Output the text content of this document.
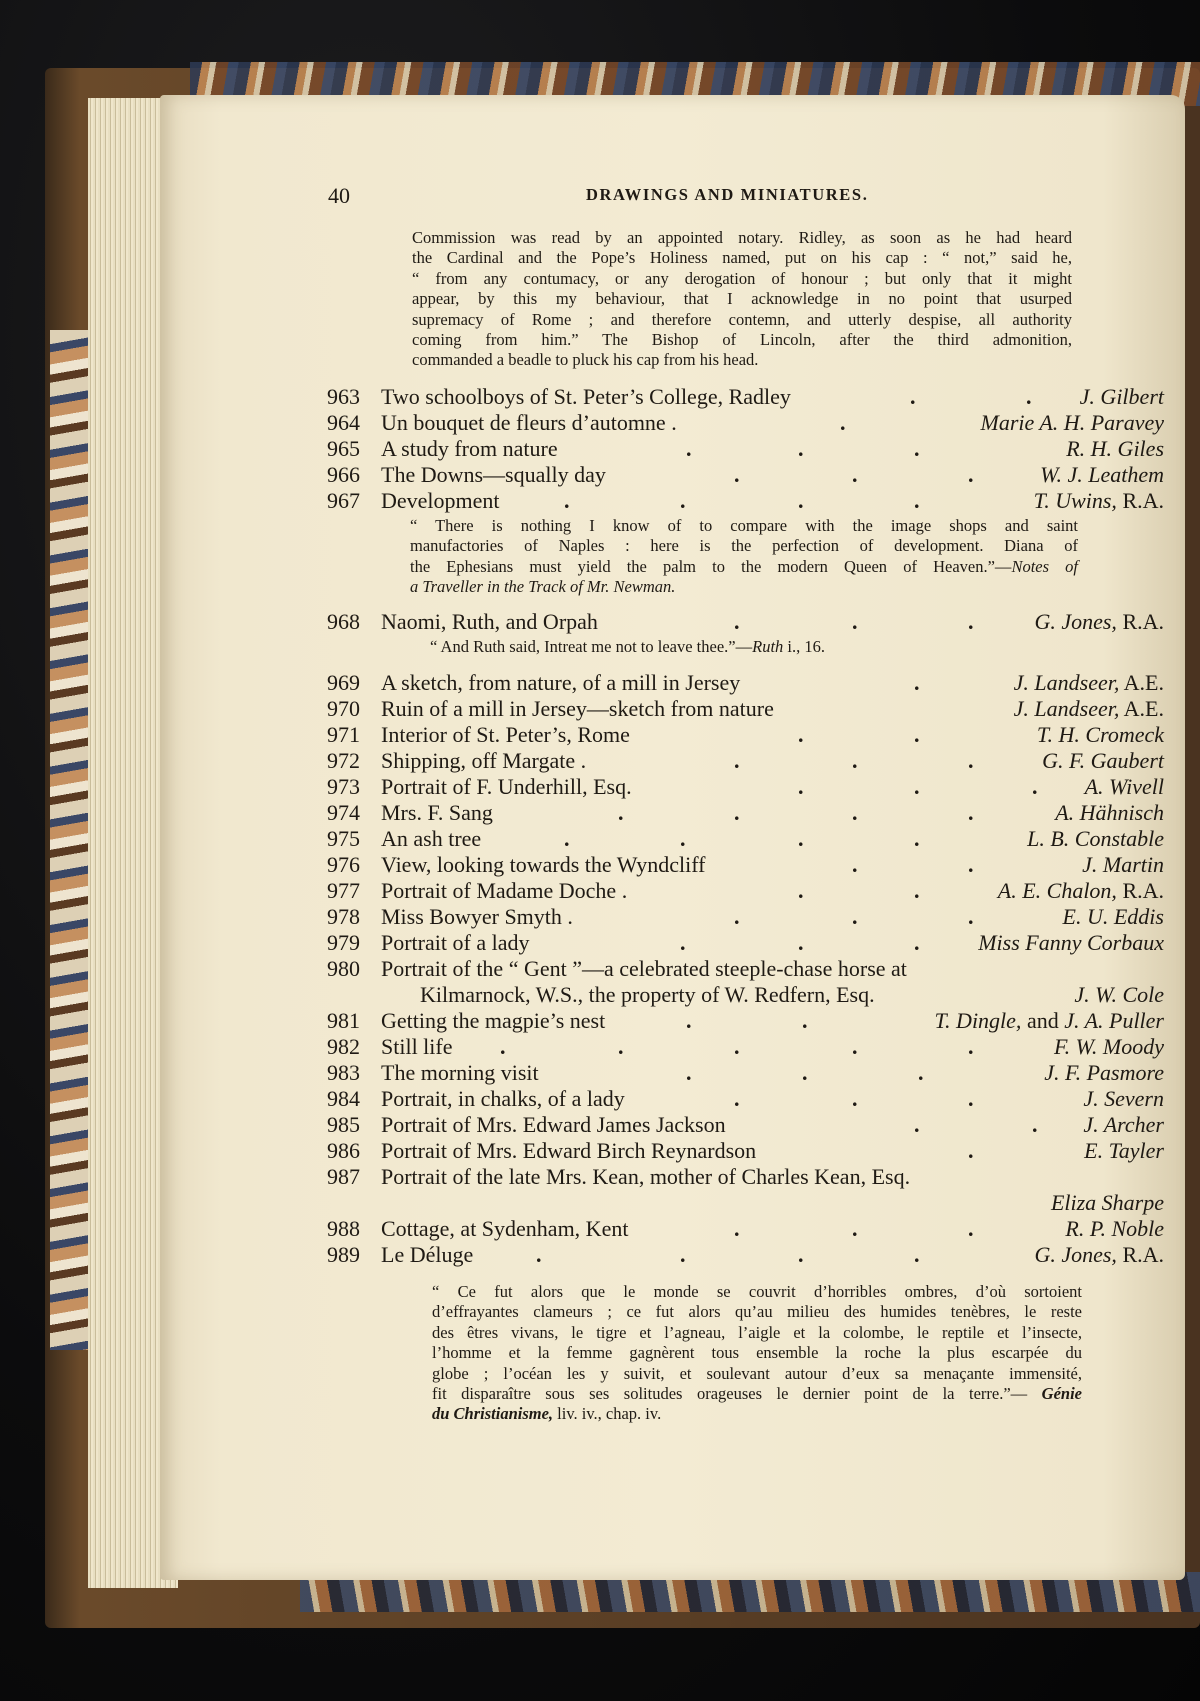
40	DRAWINGS AND MINIATURES.
Commission was read by an appointed notary. Ridley, as soon as he had heard
the Cardinal and the Pope’s Holiness named, put on his cap : “ not,” said he,
“ from any contumacy, or any derogation of honour ; but only that it might
appear, by this my behaviour, that I acknowledge in no point that usurped
supremacy of Rome ; and therefore contemn, and utterly despise, all authority
coming from him.” The Bishop of Lincoln, after the third admonition,
commanded a beadle to pluck his cap from his head.
963 Two schoolboys of St. Peter’s College, Radley	.	. J. Gilbert
964 Un bouquet de fleurs d’automne .	.	Marie A. H. Paravey
965 A study from nature	.	.	.	R. H. Giles
966 The Downs—squally day	.	.	.	W. J. Leathem
967 Development	.	.	.	.	T. Uwins, R.A.
“ There is nothing I know of to compare with the image shops and saint
manufactories of Naples : here is the perfection of development. Diana of
the Ephesians must yield the palm to the modern Queen of Heaven.”—Notes of
a Traveller in the Track of Mr. Newman.
968 Naomi, Ruth, and Orpah	.	.	.	G. Jones, R.A.
“ And Ruth said, Intreat me not to leave thee.”—Ruth i., 16.
969 A sketch, from nature, of a mill in Jersey	.	J. Landseer, A.E.
970 Ruin of a mill in Jersey—sketch from nature	J. Landseer, A.E.
971 Interior of St. Peter’s, Rome	.	.	T. H. Cromeck
972 Shipping, off Margate .	.	.	.	G. F. Gaubert
973 Portrait of F. Underhill, Esq.	.	.	. A. Wivell
974 Mrs. F. Sang	.	.	.	.	A. Hähnisch
975 An ash tree	.	.	.	.	L. B. Constable
976 View, looking towards the Wyndcliff	.	.	J. Martin
977 Portrait of Madame Doche .	.	.	A. E. Chalon, R.A.
978 Miss Bowyer Smyth .	.	.	.	E. U. Eddis
979 Portrait of a lady	.	.	.	Miss Fanny Corbaux
980 Portrait of the “ Gent ”—a celebrated steeple-chase horse at
Kilmarnock, W.S., the property of W. Redfern, Esq.	J. W. Cole
981 Getting the magpie’s nest	.	.	T. Dingle, and J. A. Puller
982 Still life .	.	.	.	.	F. W. Moody
983 The morning visit	.	.	.	J. F. Pasmore
984 Portrait, in chalks, of a lady	.	.	.	J. Severn
985 Portrait of Mrs. Edward James Jackson	.	. J. Archer
986 Portrait of Mrs. Edward Birch Reynardson	.	E. Tayler
987 Portrait of the late Mrs. Kean, mother of Charles Kean, Esq.
Eliza Sharpe
988 Cottage, at Sydenham, Kent	.	.	.	R. P. Noble
989 Le Déluge	.	.	.	.	G. Jones, R.A.
“ Ce fut alors que le monde se couvrit d’horribles ombres, d’où sortoient
d’effrayantes clameurs ; ce fut alors qu’au milieu des humides tenèbres, le reste
des êtres vivans, le tigre et l’agneau, l’aigle et la colombe, le reptile et l’insecte,
l’homme et la femme gagnèrent tous ensemble la roche la plus escarpée du
globe ; l’océan les y suivit, et soulevant autour d’eux sa menaçante immensité,
fit disparaître sous ses solitudes orageuses le dernier point de la terre.”— Génie
du Christianisme, liv. iv., chap. iv.
